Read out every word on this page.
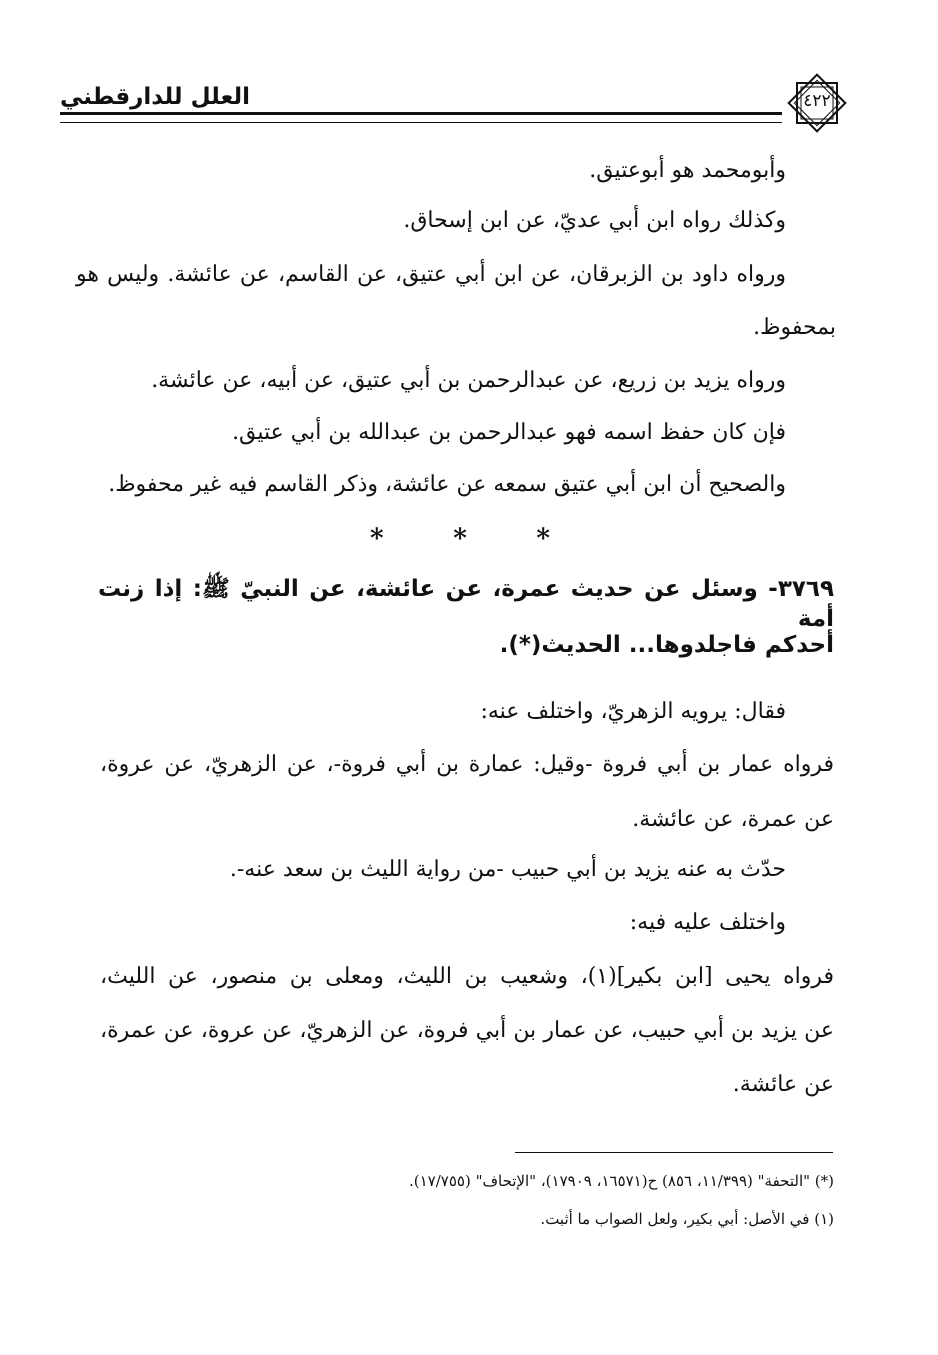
العلل للدارقطني	٤٢٢
وأبومحمد هو أبوعتيق.
وكذلك رواه ابن أبي عديّ، عن ابن إسحاق.
ورواه داود بن الزبرقان، عن ابن أبي عتيق، عن القاسم، عن عائشة. وليس هو
بمحفوظ.
ورواه يزيد بن زريع، عن عبدالرحمن بن أبي عتيق، عن أبيه، عن عائشة.
فإن كان حفظ اسمه فهو عبدالرحمن بن عبدالله بن أبي عتيق.
والصحيح أن ابن أبي عتيق سمعه عن عائشة، وذكر القاسم فيه غير محفوظ.
*
*
*
٣٧٦٩- وسئل عن حديث عمرة، عن عائشة، عن النبيّ ﷺ: إذا زنت أمة
أحدكم فاجلدوها... الحديث(*).
فقال: يرويه الزهريّ، واختلف عنه:
فرواه عمار بن أبي فروة -وقيل: عمارة بن أبي فروة-، عن الزهريّ، عن عروة،
عن عمرة، عن عائشة.
حدّث به عنه يزيد بن أبي حبيب -من رواية الليث بن سعد عنه-.
واختلف عليه فيه:
فرواه يحيى [ابن بكير](١)، وشعيب بن الليث، ومعلى بن منصور، عن الليث،
عن يزيد بن أبي حبيب، عن عمار بن أبي فروة، عن الزهريّ، عن عروة، عن عمرة،
عن عائشة.
(*) "التحفة" (١١/٣٩٩، ٨٥٦) ح(١٦٥٧١، ١٧٩٠٩)، "الإتحاف" (١٧/٧٥٥).
(١) في الأصل: أبي بكير، ولعل الصواب ما أثبت.
